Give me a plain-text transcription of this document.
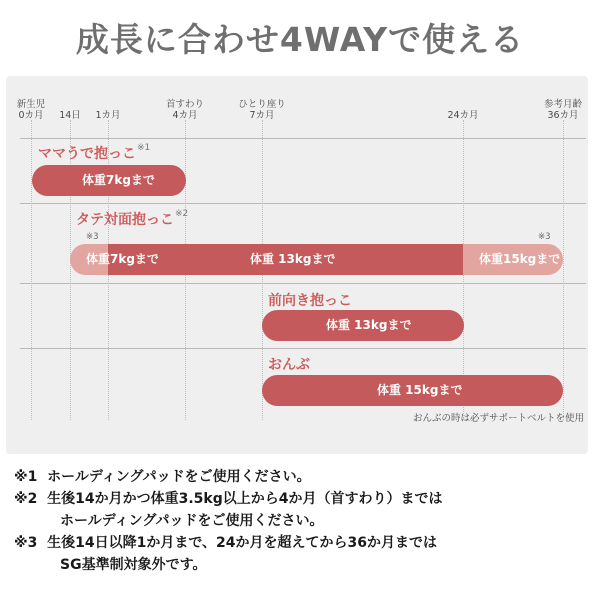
成長に合わせ4WAYで使える
新生児
0カ月 14日 1カ月
首すわり
4カ月
ひとり座り
7カ月	24カ月
参考月齢
36カ月
ママうで抱っこ$^{※1}$
体重7kgまで
タテ対面抱っこ$^{※2}$
※3	※3
体重7kgまで	体重 13kgまで	体重15kgまで
前向き抱っこ
体重 13kgまで
おんぶ
体重 15kgまで
おんぶの時は必ずサポートベルトを使用
※1 ホールディングパッドをご使用ください。
※2 生後14か月かつ体重3.5kg以上から4か月（首すわり）までは
ホールディングパッドをご使用ください。
※3 生後14日以降1か月まで、24か月を超えてから36か月までは
SG基準制対象外です。
